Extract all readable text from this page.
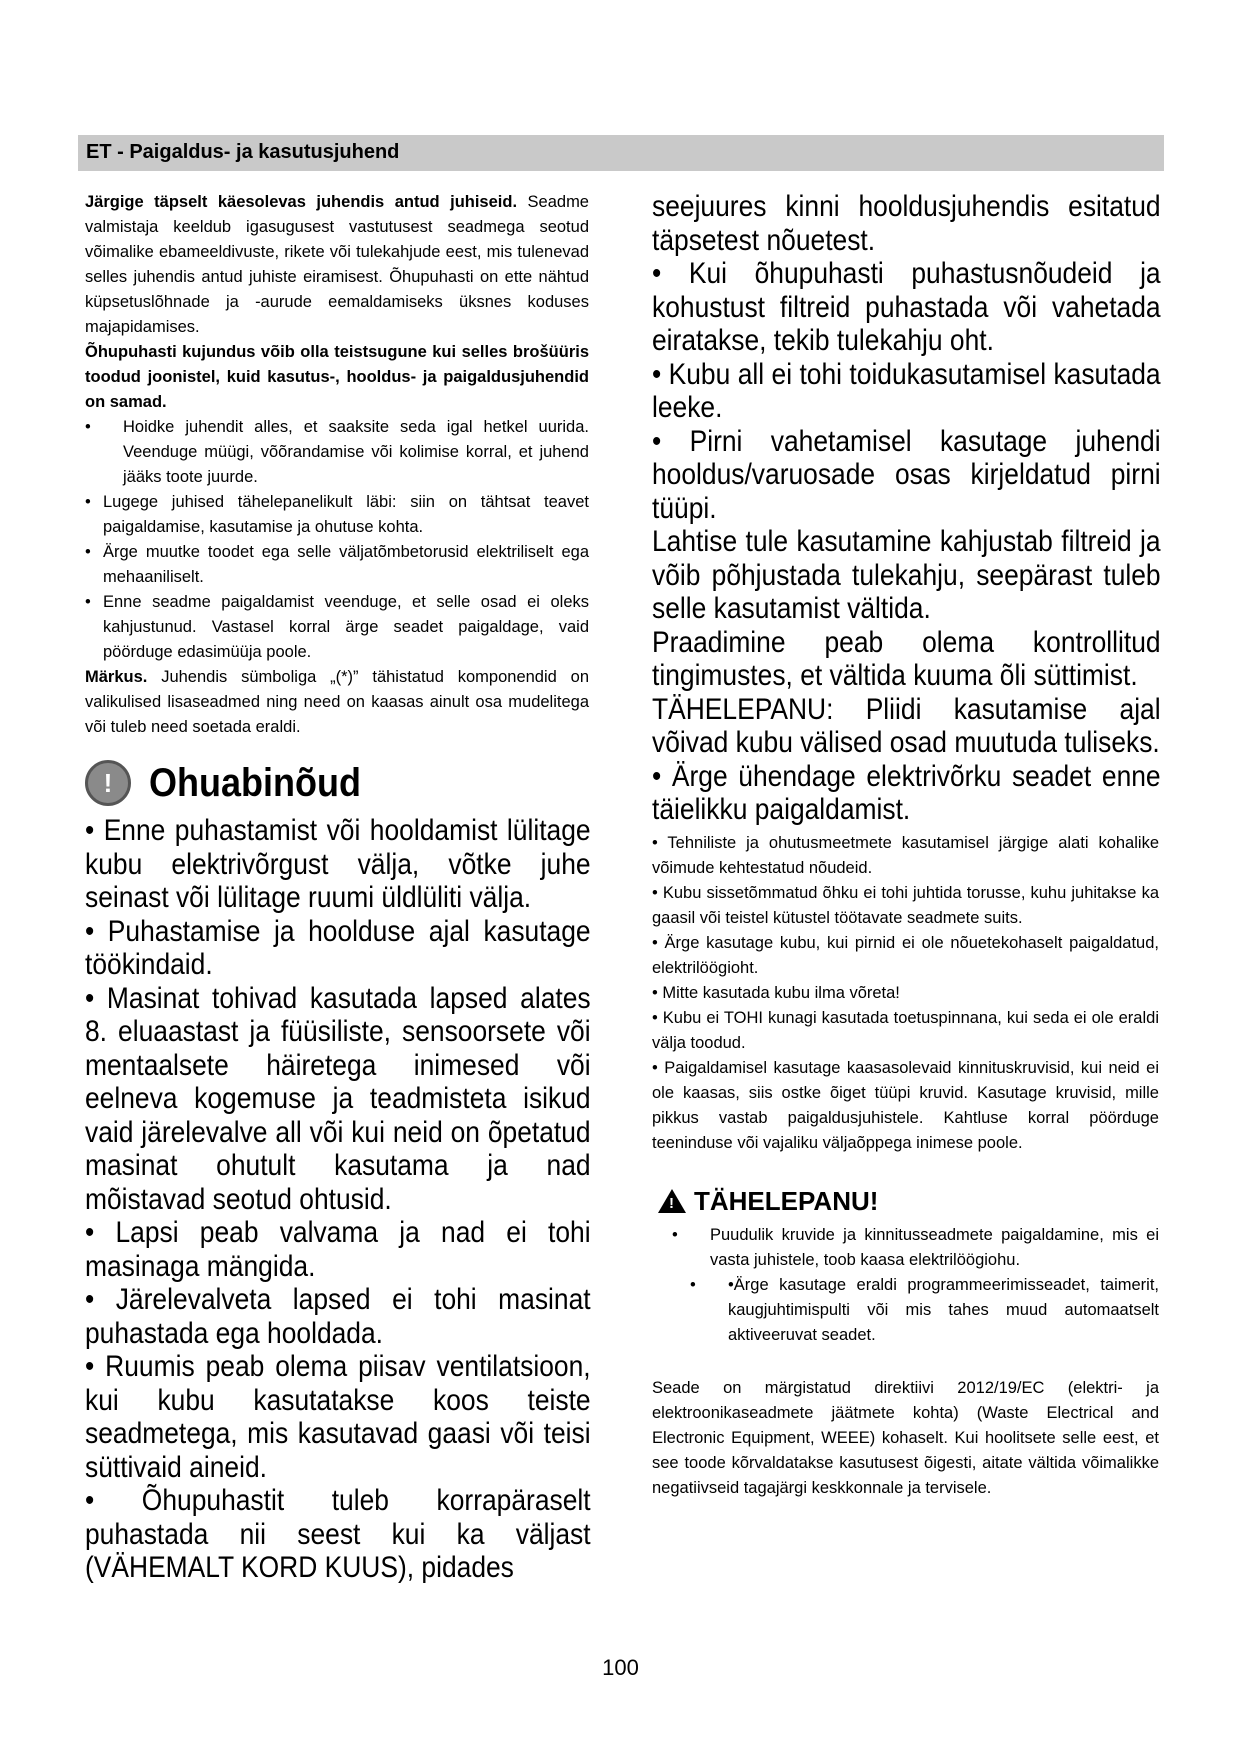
ET - Paigaldus- ja kasutusjuhend

Järgige täpselt käesolevas juhendis antud juhiseid. Seadme valmistaja keeldub igasugusest vastutusest seadmega seotud võimalike ebameeldivuste, rikete või tulekahjude eest, mis tulenevad selles juhendis antud juhiste eiramisest. Õhupuhasti on ette nähtud küpsetuslõhnade ja -aurude eemaldamiseks üksnes koduses majapidamises.

Õhupuhasti kujundus võib olla teistsugune kui selles brošüüris toodud joonistel, kuid kasutus-, hooldus- ja paigaldusjuhendid on samad.

•	Hoidke juhendit alles, et saaksite seda igal hetkel uurida. Veenduge müügi, võõrandamise või kolimise korral, et juhend jääks toote juurde.
• Lugege juhised tähelepanelikult läbi: siin on tähtsat teavet paigaldamise, kasutamise ja ohutuse kohta.
• Ärge muutke toodet ega selle väljatõmbetorusid elektriliselt ega mehaaniliselt.
• Enne seadme paigaldamist veenduge, et selle osad ei oleks kahjustunud. Vastasel korral ärge seadet paigaldage, vaid pöörduge edasimüüja poole.

Märkus. Juhendis sümboliga „(*)” tähistatud komponendid on valikulised lisaseadmed ning need on kaasas ainult osa mudelitega või tuleb need soetada eraldi.

! Ohuabinõud

• Enne puhastamist või hooldamist lülitage kubu elektrivõrgust välja, võtke juhe seinast või lülitage ruumi üldlüliti välja.

• Puhastamise ja hoolduse ajal kasutage töökindaid.

• Masinat tohivad kasutada lapsed alates 8. eluaastast ja füüsiliste, sensoorsete või mentaalsete häiretega inimesed või eelneva kogemuse ja teadmisteta isikud vaid järelevalve all või kui neid on õpetatud masinat ohutult kasutama ja nad mõistavad seotud ohtusid.

• Lapsi peab valvama ja nad ei tohi masinaga mängida.

• Järelevalveta lapsed ei tohi masinat puhastada ega hooldada.

• Ruumis peab olema piisav ventilatsioon, kui kubu kasutatakse koos teiste seadmetega, mis kasutavad gaasi või teisi süttivaid aineid.

• Õhupuhastit tuleb korrapäraselt puhastada nii seest kui ka väljast (VÄHEMALT KORD KUUS), pidades

seejuures kinni hooldusjuhendis esitatud täpsetest nõuetest.

• Kui õhupuhasti puhastusnõudeid ja kohustust filtreid puhastada või vahetada eiratakse, tekib tulekahju oht.

• Kubu all ei tohi toidukasutamisel kasutada leeke.

• Pirni vahetamisel kasutage juhendi hooldus/varuosade osas kirjeldatud pirni tüüpi.

Lahtise tule kasutamine kahjustab filtreid ja võib põhjustada tulekahju, seepärast tuleb selle kasutamist vältida.

Praadimine peab olema kontrollitud tingimustes, et vältida kuuma õli süttimist.

TÄHELEPANU: Pliidi kasutamise ajal võivad kubu välised osad muutuda tuliseks.

• Ärge ühendage elektrivõrku seadet enne täielikku paigaldamist.

• Tehniliste ja ohutusmeetmete kasutamisel järgige alati kohalike võimude kehtestatud nõudeid.

• Kubu sissetõmmatud õhku ei tohi juhtida torusse, kuhu juhitakse ka gaasil või teistel kütustel töötavate seadmete suits.

• Ärge kasutage kubu, kui pirnid ei ole nõuetekohaselt paigaldatud, elektrilöögioht.

• Mitte kasutada kubu ilma võreta!

• Kubu ei TOHI kunagi kasutada toetuspinnana, kui seda ei ole eraldi välja toodud.

• Paigaldamisel kasutage kaasasolevaid kinnituskruvisid, kui neid ei ole kaasas, siis ostke õiget tüüpi kruvid. Kasutage kruvisid, mille pikkus vastab paigaldusjuhistele. Kahtluse korral pöörduge teeninduse või vajaliku väljaõppega inimese poole.

! TÄHELEPANU!
•	Puudulik kruvide ja kinnitusseadmete paigaldamine, mis ei vasta juhistele, toob kaasa elektrilöögiohu.
•	•Ärge kasutage eraldi programmeerimisseadet, taimerit, kaugjuhtimispulti või mis tahes muud automaatselt aktiveeruvat seadet.

Seade on märgistatud direktiivi 2012/19/EC (elektri- ja elektroonikaseadmete jäätmete kohta) (Waste Electrical and Electronic Equipment, WEEE) kohaselt. Kui hoolitsete selle eest, et see toode kõrvaldatakse kasutusest õigesti, aitate vältida võimalikke negatiivseid tagajärgi keskkonnale ja tervisele.

100
